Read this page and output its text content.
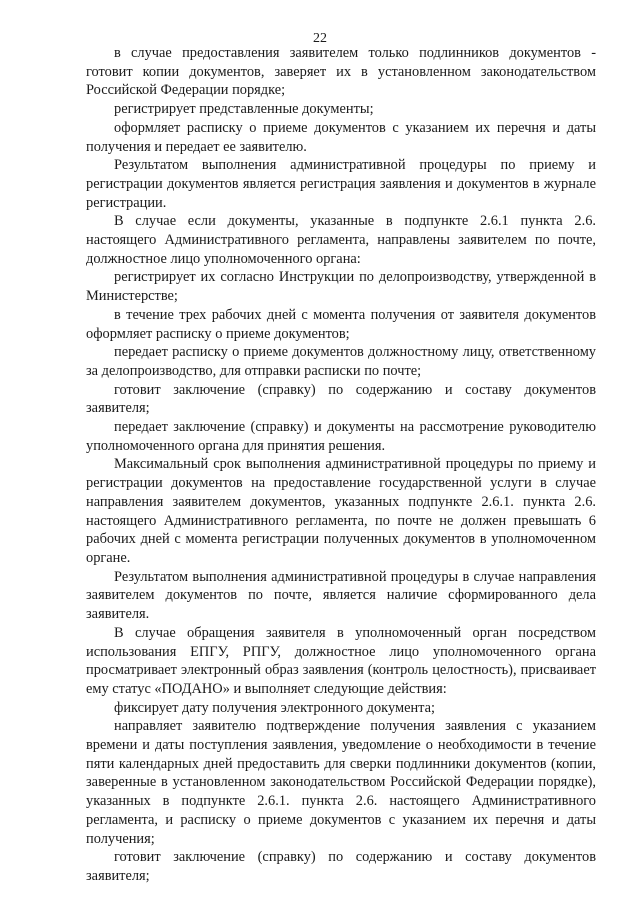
22

в случае предоставления заявителем только подлинников документов - готовит копии документов, заверяет их в установленном законодательством Российской Федерации порядке;

регистрирует представленные документы;

оформляет расписку о приеме документов с указанием их перечня и даты получения и передает ее заявителю.

Результатом выполнения административной процедуры по приему и регистрации документов является регистрация заявления и документов в журнале регистрации.

В случае если документы, указанные в подпункте 2.6.1 пункта 2.6. настоящего Административного регламента, направлены заявителем по почте, должностное лицо уполномоченного органа:

регистрирует их согласно Инструкции по делопроизводству, утвержденной в Министерстве;

в течение трех рабочих дней с момента получения от заявителя документов оформляет расписку о приеме документов;

передает расписку о приеме документов должностному лицу, ответственному за делопроизводство, для отправки расписки по почте;

готовит заключение (справку) по содержанию и составу документов заявителя;

передает заключение (справку) и документы на рассмотрение руководителю уполномоченного органа для принятия решения.

Максимальный срок выполнения административной процедуры по приему и регистрации документов на предоставление государственной услуги в случае направления заявителем документов, указанных подпункте 2.6.1. пункта 2.6. настоящего Административного регламента, по почте не должен превышать 6 рабочих дней с момента регистрации полученных документов в уполномоченном органе.

Результатом выполнения административной процедуры в случае направления заявителем документов по почте, является наличие сформированного дела заявителя.

В случае обращения заявителя в уполномоченный орган посредством использования ЕПГУ, РПГУ, должностное лицо уполномоченного органа просматривает электронный образ заявления (контроль целостность), присваивает ему статус «ПОДАНО» и выполняет следующие действия:

фиксирует дату получения электронного документа;

направляет заявителю подтверждение получения заявления с указанием времени и даты поступления заявления, уведомление о необходимости в течение пяти календарных дней предоставить для сверки подлинники документов (копии, заверенные в установленном законодательством Российской Федерации порядке), указанных в подпункте 2.6.1. пункта 2.6. настоящего Административного регламента, и расписку о приеме документов с указанием их перечня и даты получения;

готовит заключение (справку) по содержанию и составу документов заявителя;
